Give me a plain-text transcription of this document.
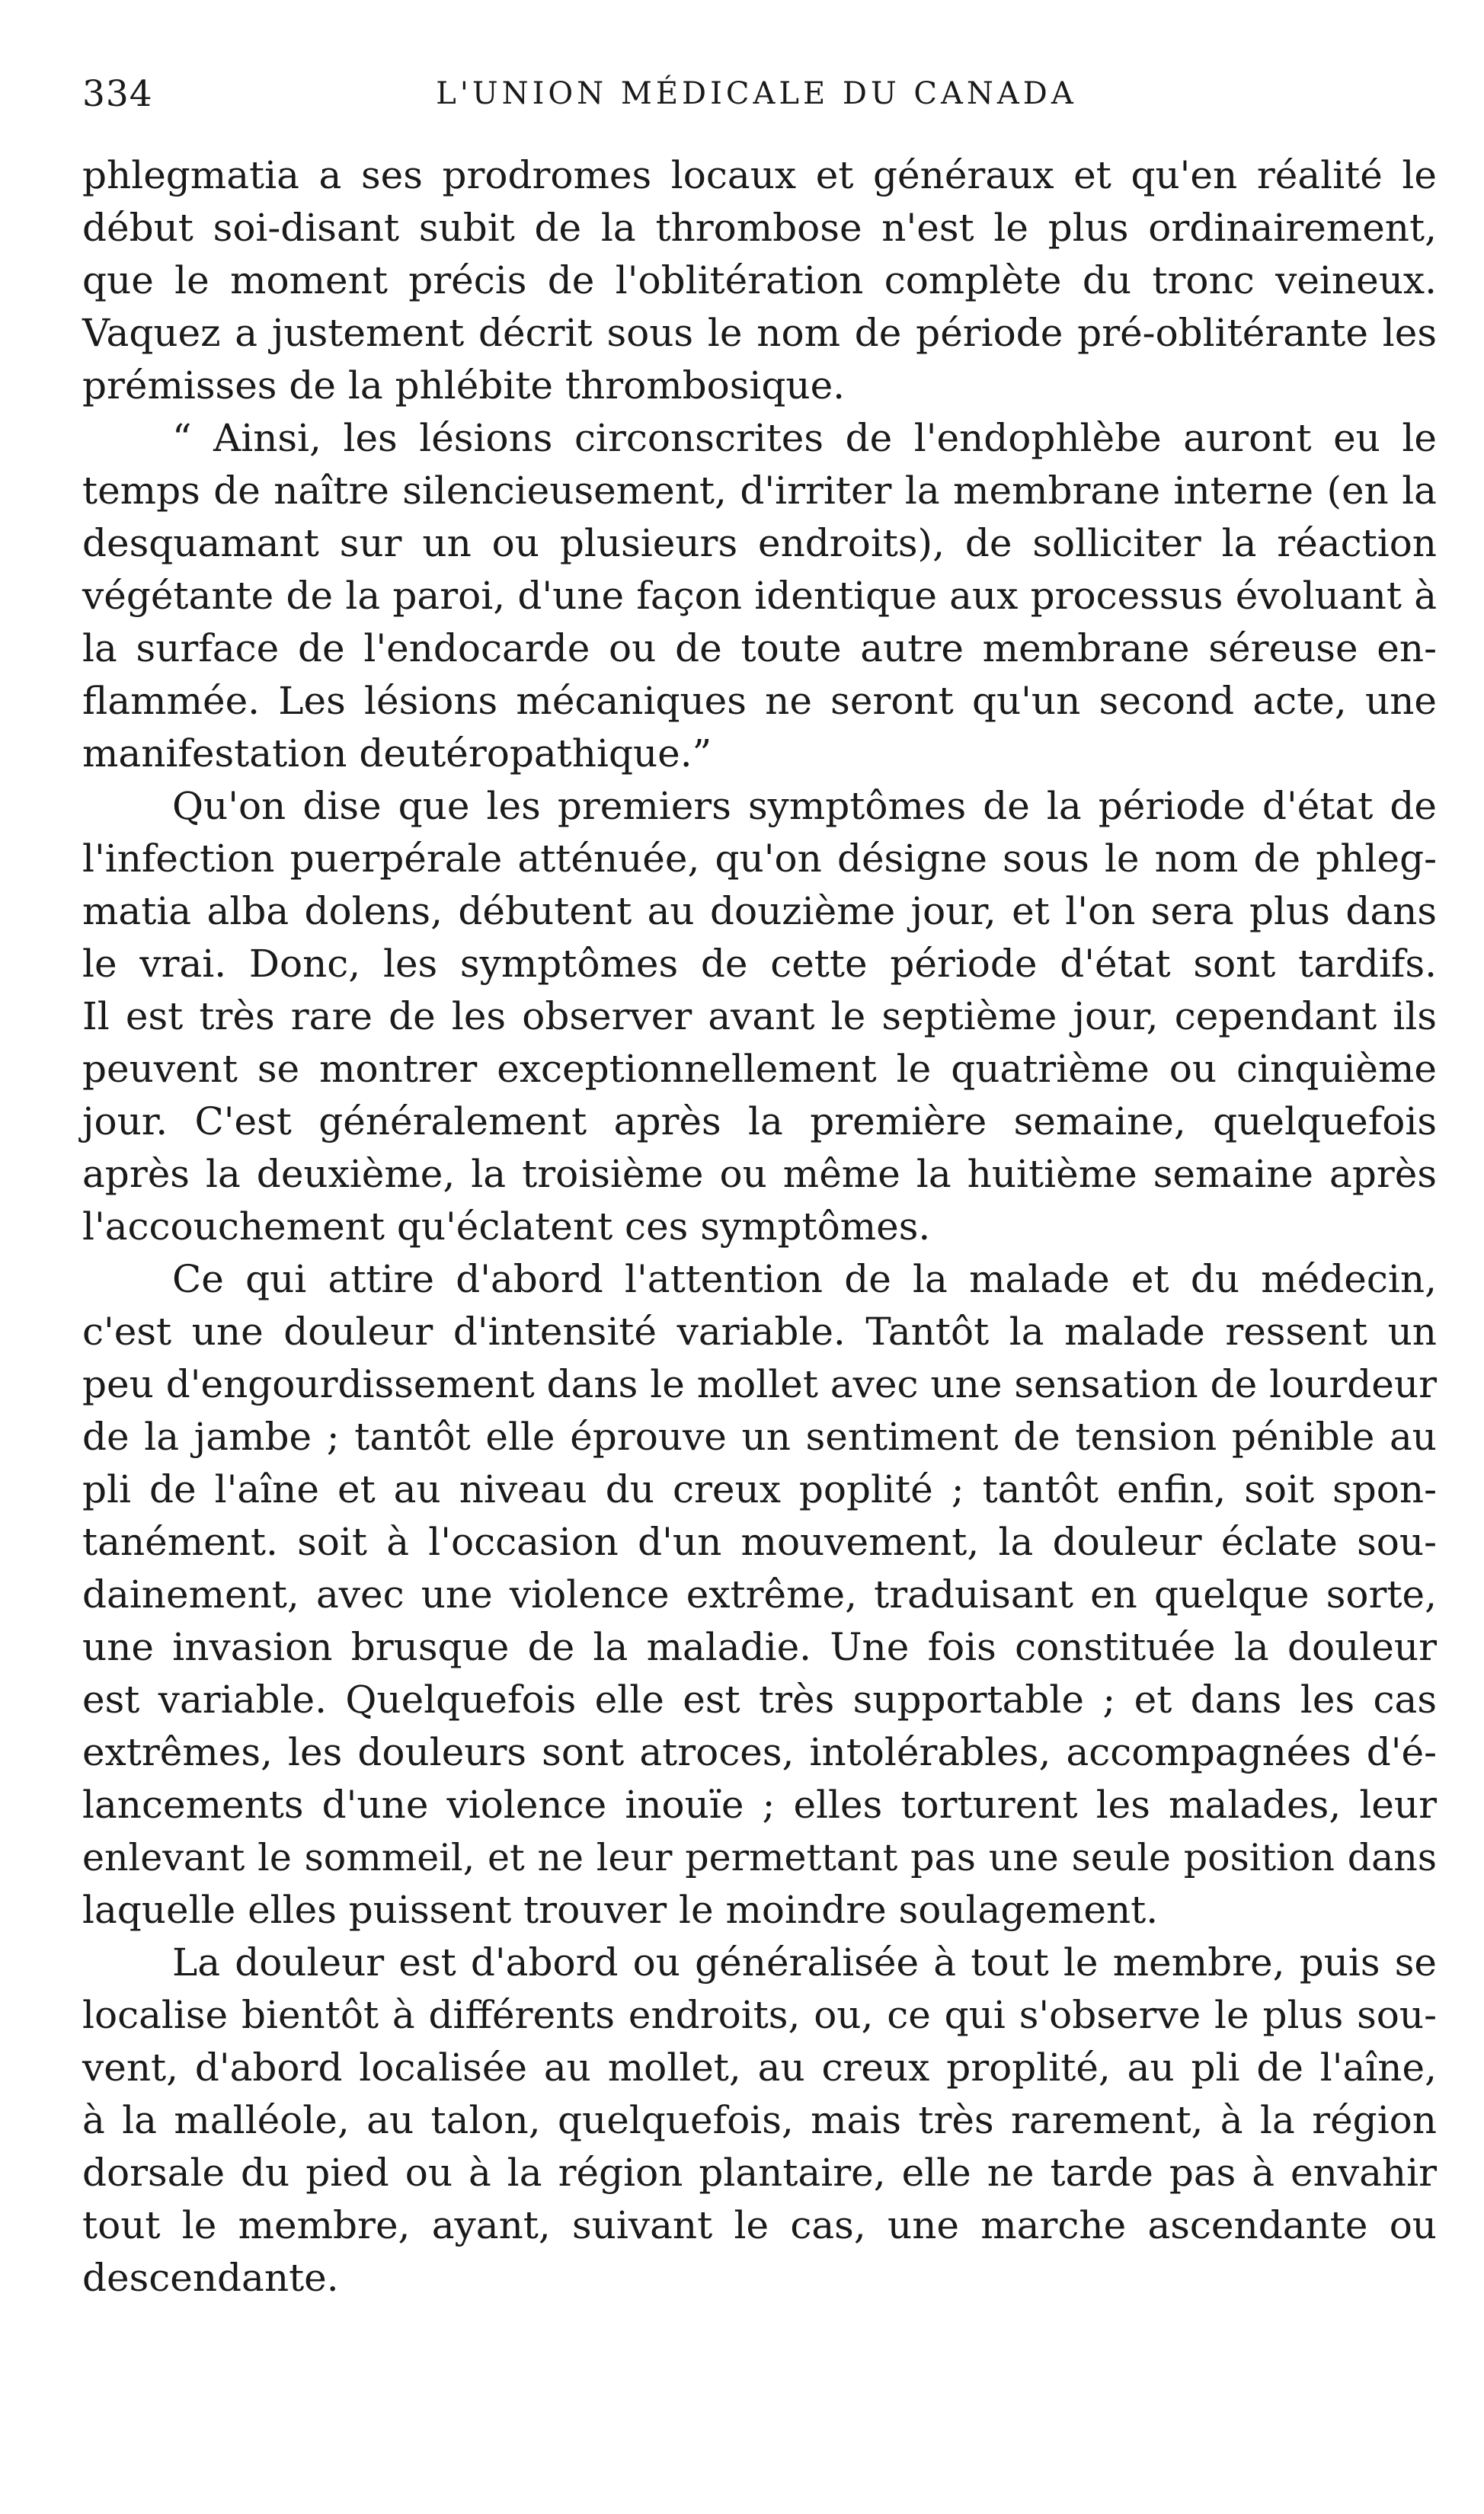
334	L'UNION MÉDICALE DU CANADA
phlegmatia a ses prodromes locaux et généraux et qu'en réalité le
début soi-disant subit de la thrombose n'est le plus ordinairement,
que le moment précis de l'oblitération complète du tronc veineux.
Vaquez a justement décrit sous le nom de période pré-oblitérante les
prémisses de la phlébite thrombosique.
“ Ainsi, les lésions circonscrites de l'endophlèbe auront eu le
temps de naître silencieusement, d'irriter la membrane interne (en la
desquamant sur un ou plusieurs endroits), de solliciter la réaction
végétante de la paroi, d'une façon identique aux processus évoluant à
la surface de l'endocarde ou de toute autre membrane séreuse en-
flammée. Les lésions mécaniques ne seront qu'un second acte, une
manifestation deutéropathique.”
Qu'on dise que les premiers symptômes de la période d'état de
l'infection puerpérale atténuée, qu'on désigne sous le nom de phleg-
matia alba dolens, débutent au douzième jour, et l'on sera plus dans
le vrai. Donc, les symptômes de cette période d'état sont tardifs.
Il est très rare de les observer avant le septième jour, cependant ils
peuvent se montrer exceptionnellement le quatrième ou cinquième
jour. C'est généralement après la première semaine, quelquefois
après la deuxième, la troisième ou même la huitième semaine après
l'accouchement qu'éclatent ces symptômes.
Ce qui attire d'abord l'attention de la malade et du médecin,
c'est une douleur d'intensité variable. Tantôt la malade ressent un
peu d'engourdissement dans le mollet avec une sensation de lourdeur
de la jambe ; tantôt elle éprouve un sentiment de tension pénible au
pli de l'aîne et au niveau du creux poplité ; tantôt enfin, soit spon-
tanément. soit à l'occasion d'un mouvement, la douleur éclate sou-
dainement, avec une violence extrême, traduisant en quelque sorte,
une invasion brusque de la maladie. Une fois constituée la douleur
est variable. Quelquefois elle est très supportable ; et dans les cas
extrêmes, les douleurs sont atroces, intolérables, accompagnées d'é-
lancements d'une violence inouïe ; elles torturent les malades, leur
enlevant le sommeil, et ne leur permettant pas une seule position dans
laquelle elles puissent trouver le moindre soulagement.
La douleur est d'abord ou généralisée à tout le membre, puis se
localise bientôt à différents endroits, ou, ce qui s'observe le plus sou-
vent, d'abord localisée au mollet, au creux proplité, au pli de l'aîne,
à la malléole, au talon, quelquefois, mais très rarement, à la région
dorsale du pied ou à la région plantaire, elle ne tarde pas à envahir
tout le membre, ayant, suivant le cas, une marche ascendante ou
descendante.
